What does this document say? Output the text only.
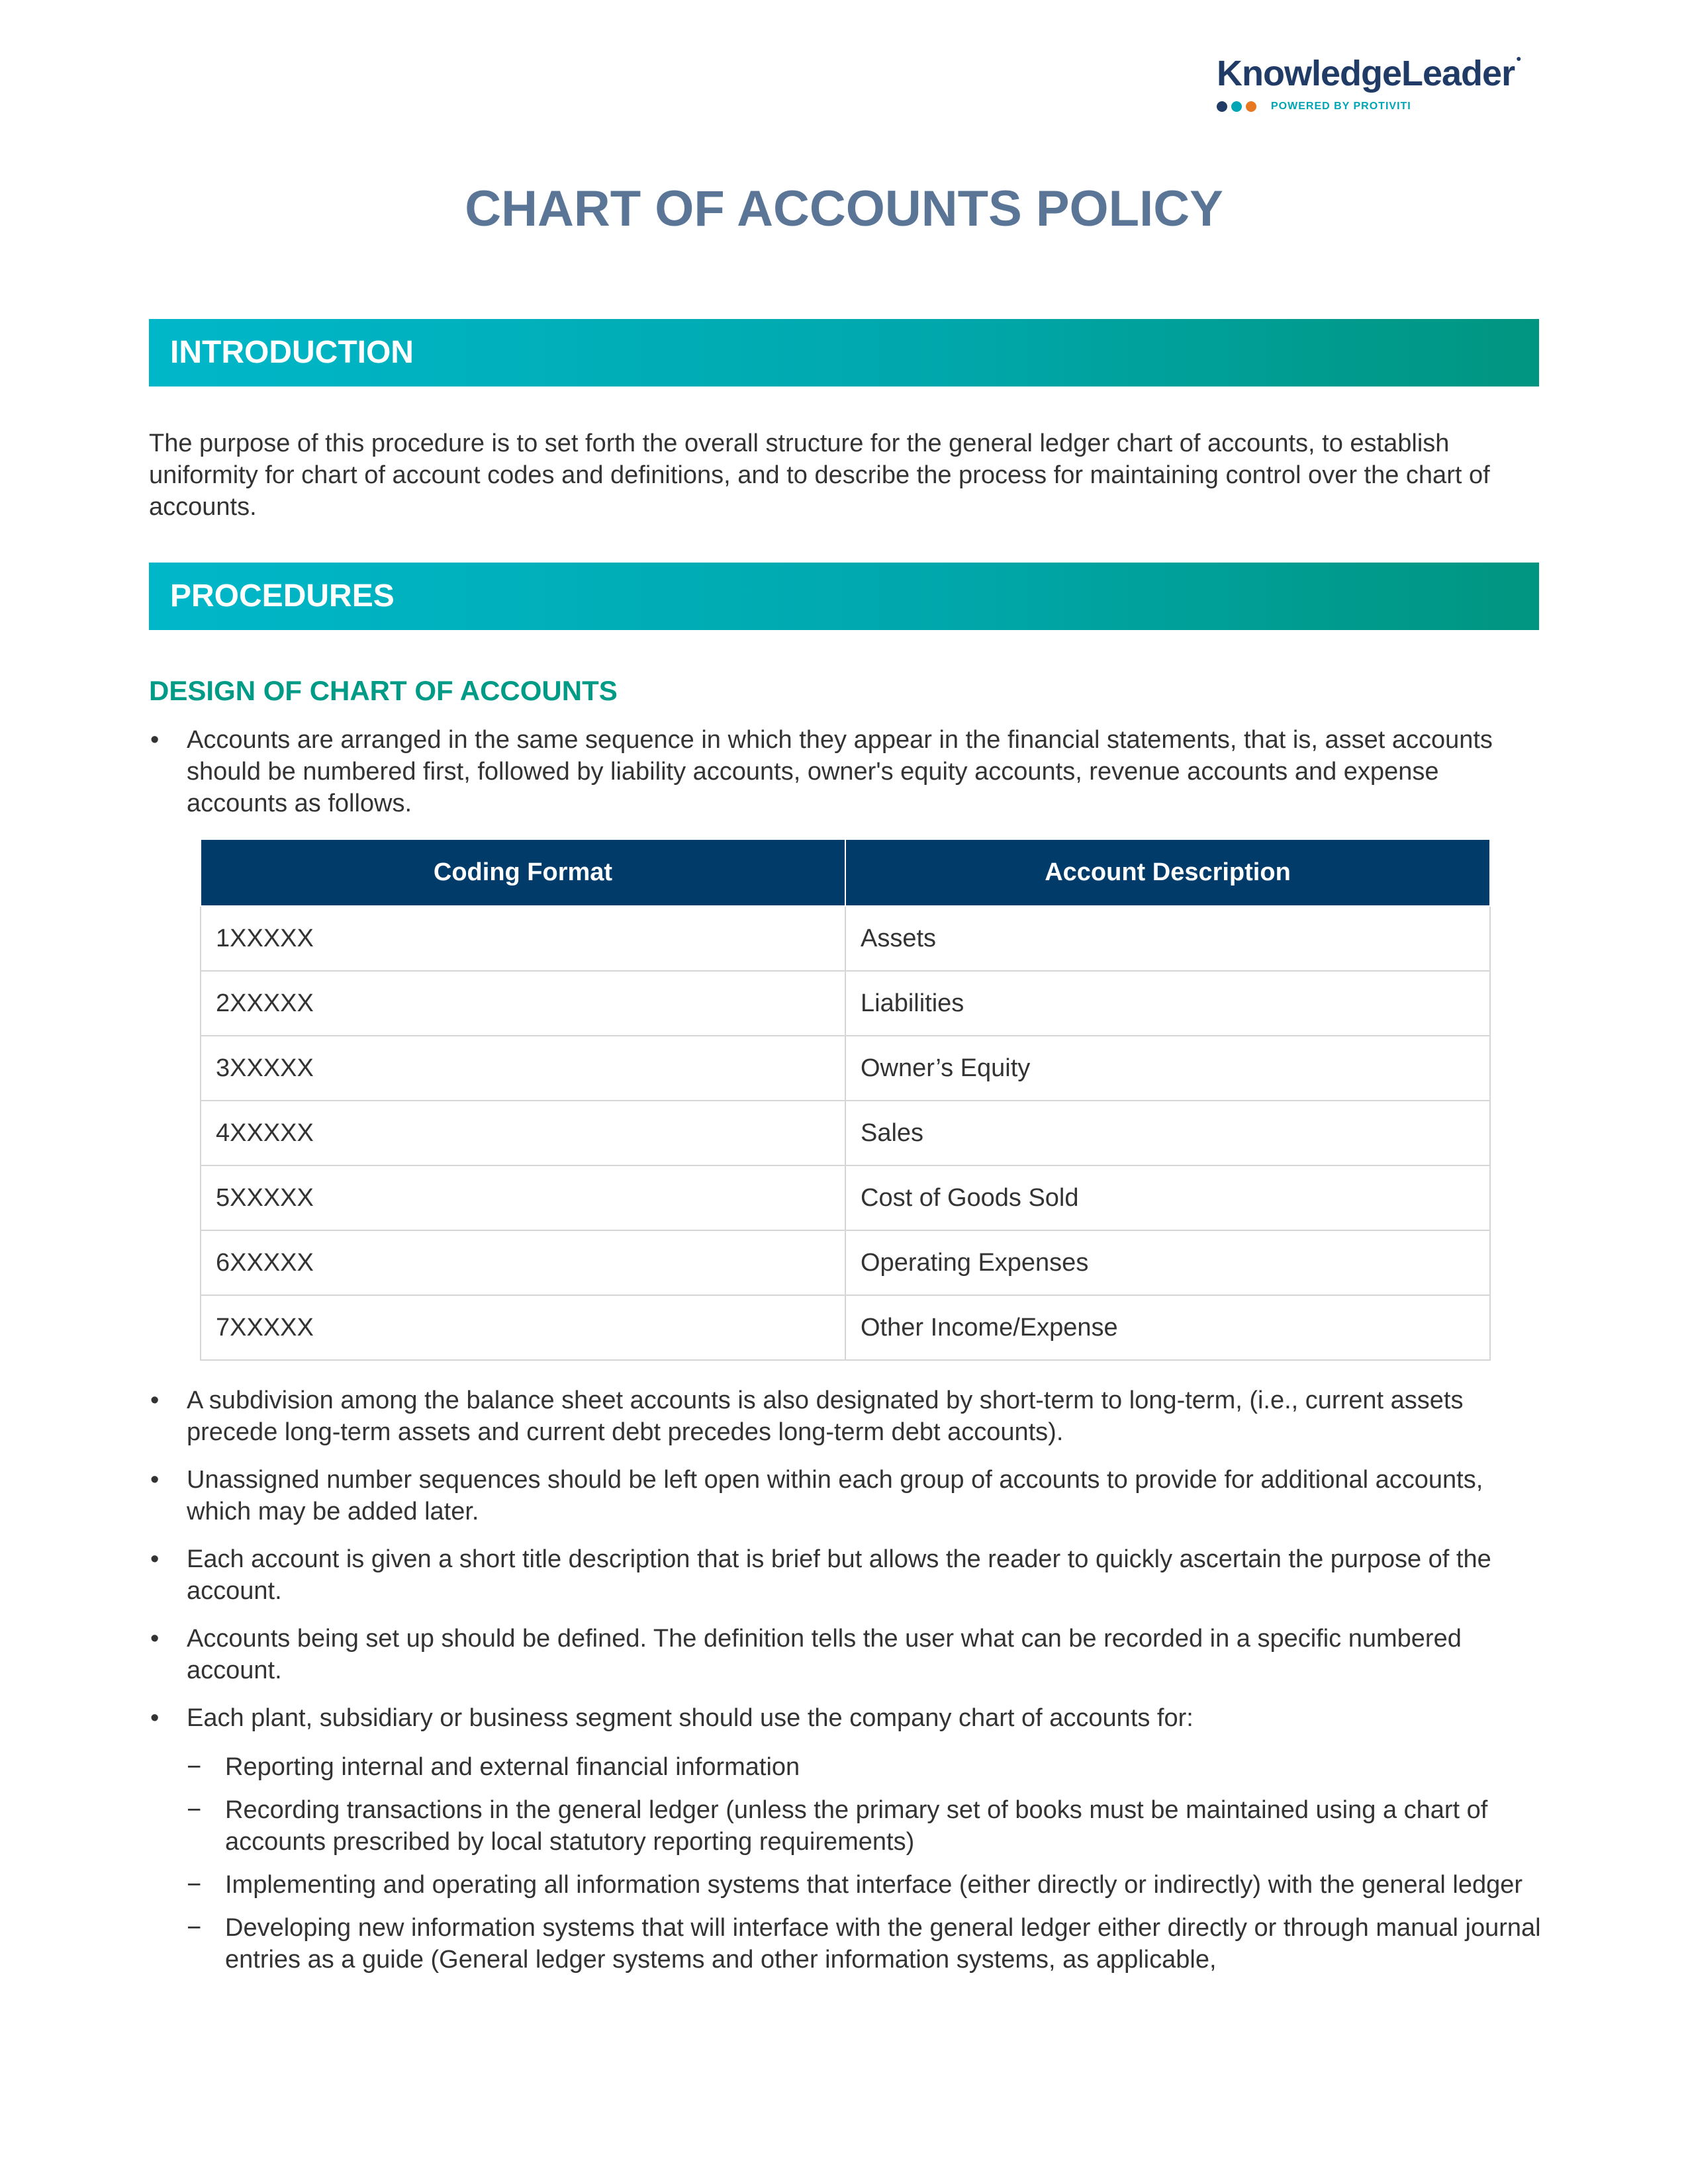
KnowledgeLeader ●
POWERED BY PROTIVITI
CHART OF ACCOUNTS POLICY
INTRODUCTION

The purpose of this procedure is to set forth the overall structure for the general ledger chart of accounts, to establish uniformity for chart of account codes and definitions, and to describe the process for maintaining control over the chart of accounts.

PROCEDURES
DESIGN OF CHART OF ACCOUNTS
• Accounts are arranged in the same sequence in which they appear in the financial statements, that is, asset accounts should be numbered first, followed by liability accounts, owner's equity accounts, revenue accounts and expense accounts as follows.
Coding Format	Account Description
1XXXXX	Assets
2XXXXX	Liabilities
3XXXXX	Owner’s Equity
4XXXXX	Sales
5XXXXX	Cost of Goods Sold
6XXXXX	Operating Expenses
7XXXXX	Other Income/Expense
• A subdivision among the balance sheet accounts is also designated by short-term to long-term, (i.e., current assets precede long-term assets and current debt precedes long-term debt accounts).
• Unassigned number sequences should be left open within each group of accounts to provide for additional accounts, which may be added later.
• Each account is given a short title description that is brief but allows the reader to quickly ascertain the purpose of the account.
• Accounts being set up should be defined. The definition tells the user what can be recorded in a specific numbered account.
• Each plant, subsidiary or business segment should use the company chart of accounts for:
− Reporting internal and external financial information
− Recording transactions in the general ledger (unless the primary set of books must be maintained using a chart of accounts prescribed by local statutory reporting requirements)
− Implementing and operating all information systems that interface (either directly or indirectly) with the general ledger
− Developing new information systems that will interface with the general ledger either directly or through manual journal entries as a guide (General ledger systems and other information systems, as applicable,
